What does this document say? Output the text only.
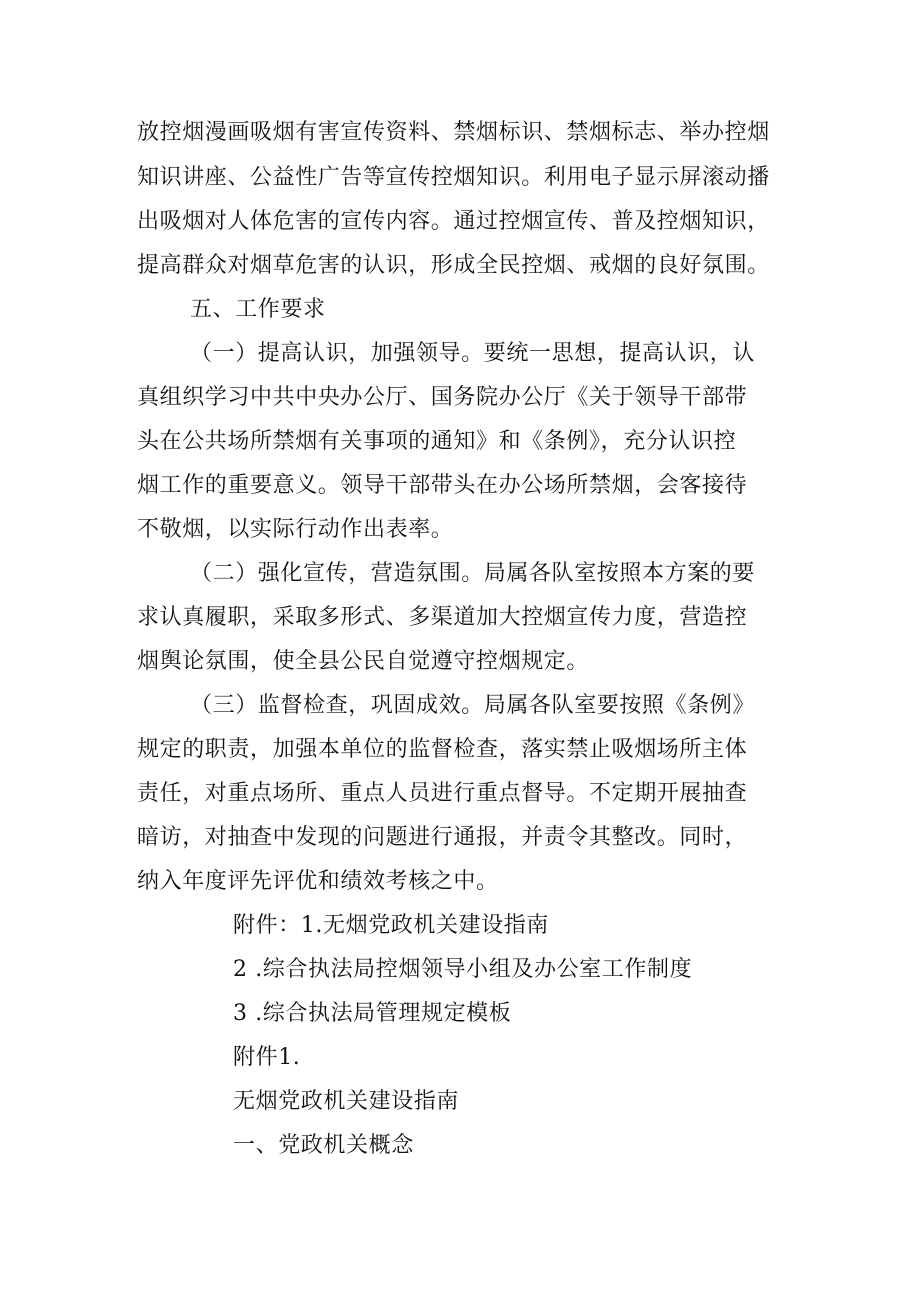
放控烟漫画吸烟有害宣传资料、禁烟标识、禁烟标志、举办控烟
知识讲座、公益性广告等宣传控烟知识。利用电子显示屏滚动播
出吸烟对人体危害的宣传内容。通过控烟宣传、普及控烟知识，
提高群众对烟草危害的认识，形成全民控烟、戒烟的良好氛围。
五、工作要求
（一）提高认识，加强领导。要统一思想，提高认识，认
真组织学习中共中央办公厅、国务院办公厅《关于领导干部带
头在公共场所禁烟有关事项的通知》和《条例》，充分认识控
烟工作的重要意义。领导干部带头在办公场所禁烟，会客接待
不敬烟，以实际行动作出表率。
（二）强化宣传，营造氛围。局属各队室按照本方案的要
求认真履职，采取多形式、多渠道加大控烟宣传力度，营造控
烟舆论氛围，使全县公民自觉遵守控烟规定。
（三）监督检查，巩固成效。局属各队室要按照《条例》
规定的职责，加强本单位的监督检查，落实禁止吸烟场所主体
责任，对重点场所、重点人员进行重点督导。不定期开展抽查
暗访，对抽查中发现的问题进行通报，并责令其整改。同时，
纳入年度评先评优和绩效考核之中。
附件：1.无烟党政机关建设指南
2 .综合执法局控烟领导小组及办公室工作制度
3 .综合执法局管理规定模板
附件1.
无烟党政机关建设指南
一、党政机关概念
